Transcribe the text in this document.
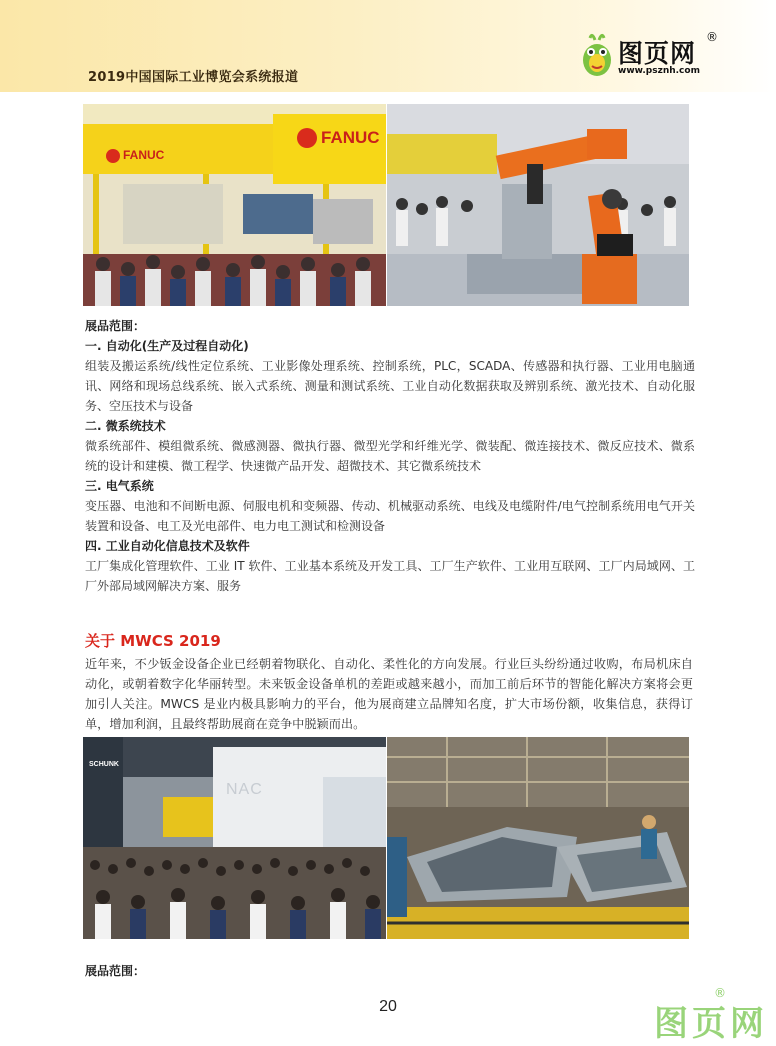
2019中国国际工业博览会系统报道
图页网
®
www.psznh.com
FANUC
FANUC
展品范围：
一. 自动化(生产及过程自动化)
组装及搬运系统/线性定位系统、工业影像处理系统、控制系统，PLC，SCADA、传感器和执行器、工业用电脑通讯、网络和现场总线系统、嵌入式系统、测量和测试系统、工业自动化数据获取及辨别系统、激光技术、自动化服务、空压技术与设备
二. 微系统技术
微系统部件、模组微系统、微感测器、微执行器、微型光学和纤维光学、微装配、微连接技术、微反应技术、微系统的设计和建模、微工程学、快速微产品开发、超微技术、其它微系统技术
三. 电气系统
变压器、电池和不间断电源、伺服电机和变频器、传动、机械驱动系统、电线及电缆附件/电气控制系统用电气开关装置和设备、电工及光电部件、电力电工测试和检测设备
四. 工业自动化信息技术及软件
工厂集成化管理软件、工业 IT 软件、工业基本系统及开发工具、工厂生产软件、工业用互联网、工厂内局域网、工厂外部局域网解决方案、服务
关于 MWCS 2019
近年来，不少钣金设备企业已经朝着物联化、自动化、柔性化的方向发展。行业巨头纷纷通过收购，布局机床自动化，或朝着数字化华丽转型。未来钣金设备单机的差距或越来越小，而加工前后环节的智能化解决方案将会更加引人关注。MWCS 是业内极具影响力的平台，他为展商建立品牌知名度，扩大市场份额，收集信息，获得订单，增加利润，且最终帮助展商在竞争中脱颖而出。
SCHUNK
NAC
展品范围：
20	图页网
®
